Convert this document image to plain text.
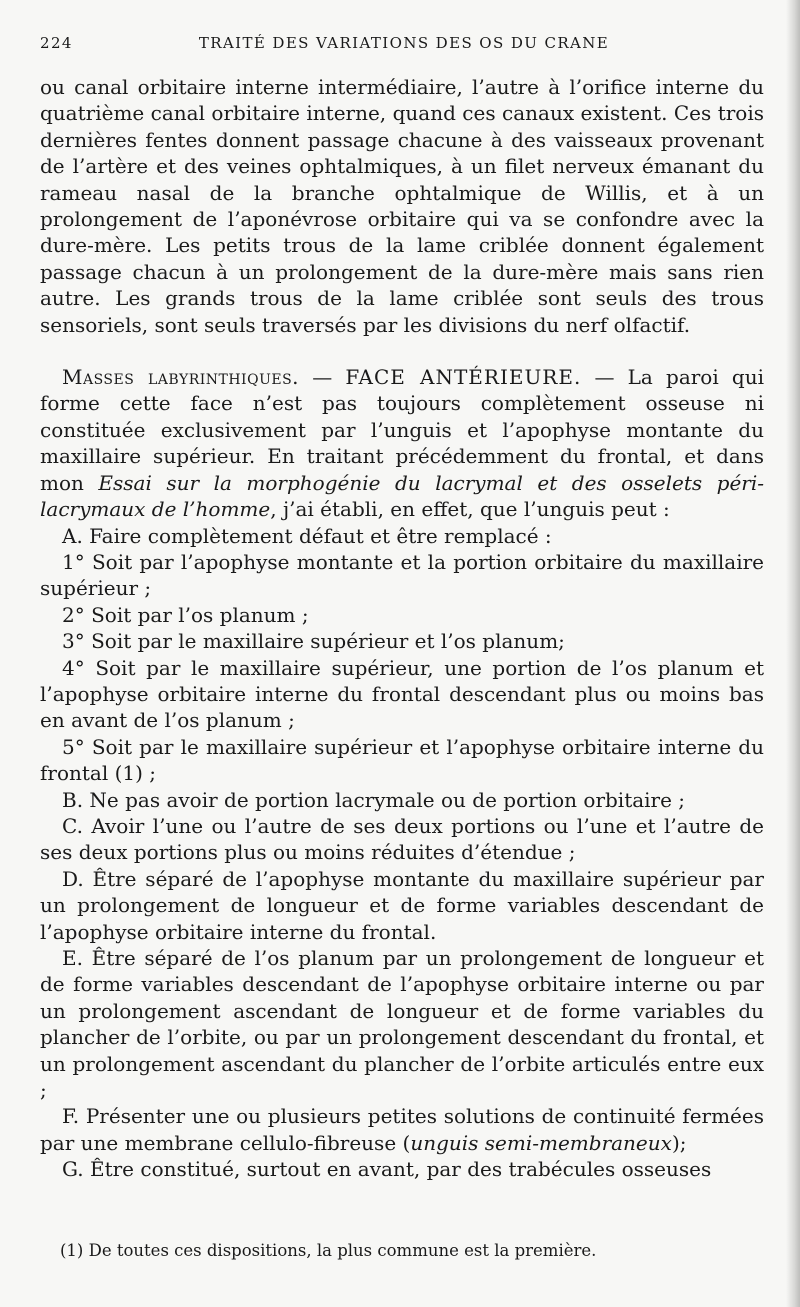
224	TRAITÉ DES VARIATIONS DES OS DU CRANE

ou canal orbitaire interne intermédiaire, l’autre à l’orifice interne du quatrième canal orbitaire interne, quand ces canaux existent. Ces trois dernières fentes donnent passage chacune à des vaisseaux provenant de l’artère et des veines ophtalmiques, à un filet nerveux émanant du rameau nasal de la branche ophtalmique de Willis, et à un prolongement de l’aponévrose orbitaire qui va se confondre avec la dure-mère. Les petits trous de la lame criblée donnent également passage chacun à un prolongement de la dure-mère mais sans rien autre. Les grands trous de la lame criblée sont seuls des trous sensoriels, sont seuls traversés par les divisions du nerf olfactif.

Masses labyrinthiques. — FACE ANTÉRIEURE. — La paroi qui forme cette face n’est pas toujours complètement osseuse ni constituée exclusivement par l’unguis et l’apophyse montante du maxillaire supérieur. En traitant précédemment du frontal, et dans mon Essai sur la morphogénie du lacrymal et des osselets péri-lacrymaux de l’homme, j’ai établi, en effet, que l’unguis peut :

A. Faire complètement défaut et être remplacé :

1° Soit par l’apophyse montante et la portion orbitaire du maxillaire supérieur ;

2° Soit par l’os planum ;

3° Soit par le maxillaire supérieur et l’os planum;

4° Soit par le maxillaire supérieur, une portion de l’os planum et l’apophyse orbitaire interne du frontal descendant plus ou moins bas en avant de l’os planum ;

5° Soit par le maxillaire supérieur et l’apophyse orbitaire interne du frontal (1) ;

B. Ne pas avoir de portion lacrymale ou de portion orbitaire ;

C. Avoir l’une ou l’autre de ses deux portions ou l’une et l’autre de ses deux portions plus ou moins réduites d’étendue ;

D. Être séparé de l’apophyse montante du maxillaire supérieur par un prolongement de longueur et de forme variables descendant de l’apophyse orbitaire interne du frontal.

E. Être séparé de l’os planum par un prolongement de longueur et de forme variables descendant de l’apophyse orbitaire interne ou par un prolongement ascendant de longueur et de forme variables du plancher de l’orbite, ou par un prolongement descendant du frontal, et un prolongement ascendant du plancher de l’orbite articulés entre eux ;

F. Présenter une ou plusieurs petites solutions de continuité fermées par une membrane cellulo-fibreuse (unguis semi-membraneux);

G. Être constitué, surtout en avant, par des trabécules osseuses

(1) De toutes ces dispositions, la plus commune est la première.
